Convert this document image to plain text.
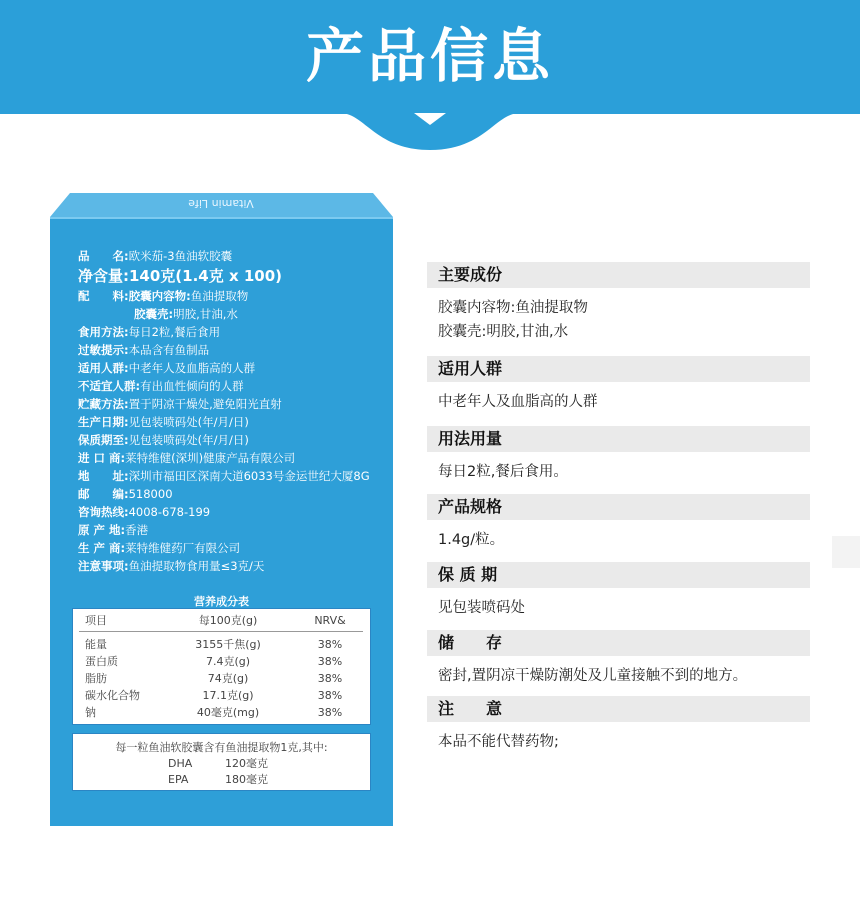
产品信息
Vitamin Life
品　　名:欧米茄-3鱼油软胶囊
净含量:140克(1.4克 x 100)
配　　料:胶囊内容物:鱼油提取物
胶囊壳:明胶,甘油,水
食用方法:每日2粒,餐后食用
过敏提示:本品含有鱼制品
适用人群:中老年人及血脂高的人群
不适宜人群:有出血性倾向的人群
贮藏方法:置于阴凉干燥处,避免阳光直射
生产日期:见包装喷码处(年/月/日)
保质期至:见包装喷码处(年/月/日)
进 口 商:莱特维健(深圳)健康产品有限公司
地　　址:深圳市福田区深南大道6033号金运世纪大厦8G
邮　　编:518000
咨询热线:4008-678-199
原 产 地:香港
生 产 商:莱特维健药厂有限公司
注意事项:鱼油提取物食用量≤3克/天
营养成分表
项目	每100克(g)	NRV&
能量	3155千焦(g)	38%
蛋白质	7.4克(g)	38%
脂肪	74克(g)	38%
碳水化合物	17.1克(g)	38%
钠	40毫克(mg)	38%
每一粒鱼油软胶囊含有鱼油提取物1克,其中:
DHA	120毫克
EPA	180毫克
主要成份
胶囊内容物:鱼油提取物
胶囊壳:明胶,甘油,水
适用人群
中老年人及血脂高的人群
用法用量
每日2粒,餐后食用。
产品规格
1.4g/粒。
保 质 期
见包装喷码处
储　　存
密封,置阴凉干燥防潮处及儿童接触不到的地方。
注　　意
本品不能代替药物;
